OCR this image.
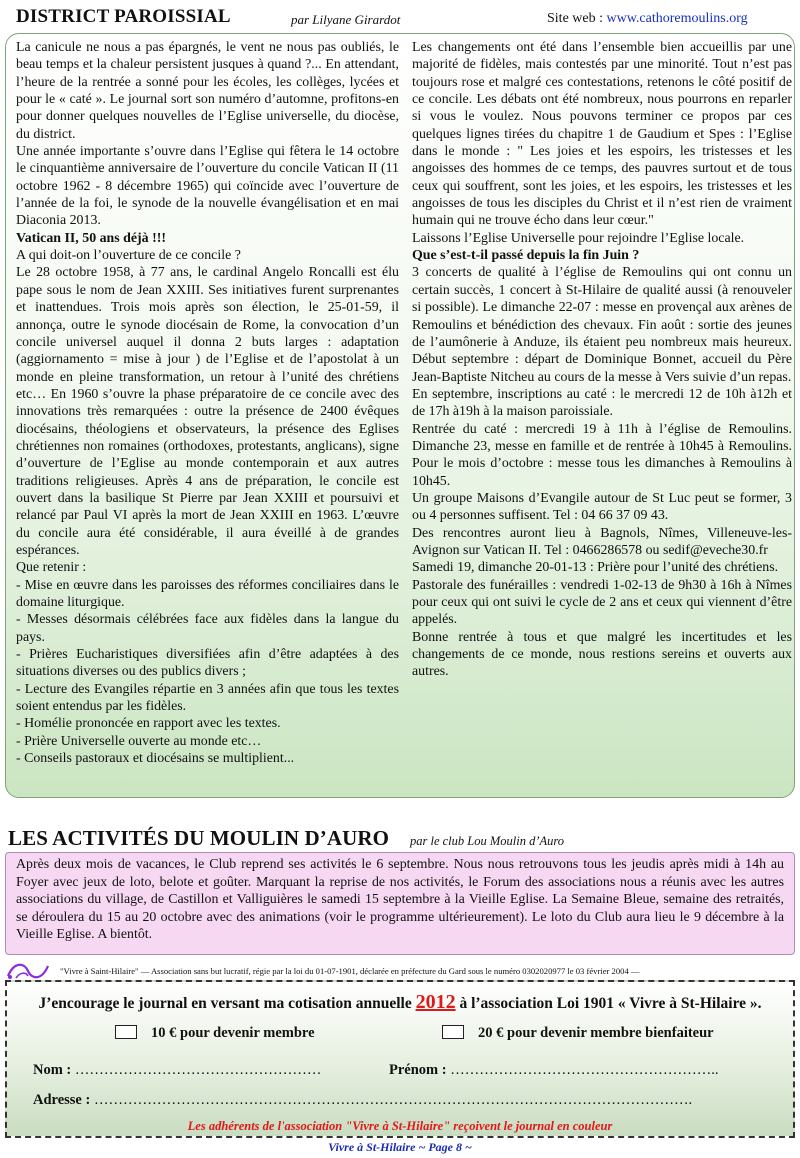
DISTRICT PAROISSIAL	par Lilyane Girardot	Site web : www.cathoremoulins.org

La canicule ne nous a pas épargnés, le vent ne nous pas oubliés, le beau temps et la chaleur persistent jusques à quand ?... En attendant, l’heure de la rentrée a sonné pour les écoles, les collèges, lycées et pour le « caté ». Le journal sort son numéro d’automne, profitons-en pour donner quelques nouvelles de l’Eglise universelle, du diocèse, du district.

Une année importante s’ouvre dans l’Eglise qui fêtera le 14 octobre le cinquantième anniversaire de l’ouverture du concile Vatican II (11 octobre 1962 - 8 décembre 1965) qui coïncide avec l’ouverture de l’année de la foi, le synode de la nouvelle évangélisation et en mai Diaconia 2013.

Vatican II, 50 ans déjà !!!

A qui doit-on l’ouverture de ce concile ?

Le 28 octobre 1958, à 77 ans, le cardinal Angelo Roncalli est élu pape sous le nom de Jean XXIII. Ses initiatives furent surprenantes et inattendues. Trois mois après son élection, le 25-01-59, il annonça, outre le synode diocésain de Rome, la convocation d’un concile universel auquel il donna 2 buts larges : adaptation (aggiornamento = mise à jour ) de l’Eglise et de l’apostolat à un monde en pleine transformation, un retour à l’unité des chrétiens etc… En 1960 s’ouvre la phase préparatoire de ce concile avec des innovations très remarquées : outre la présence de 2400 évêques diocésains, théologiens et observateurs, la présence des Eglises chrétiennes non romaines (orthodoxes, protestants, anglicans), signe d’ouverture de l’Eglise au monde contemporain et aux autres traditions religieuses. Après 4 ans de préparation, le concile est ouvert dans la basilique St Pierre par Jean XXIII et poursuivi et relancé par Paul VI après la mort de Jean XXIII en 1963. L’œuvre du concile aura été considérable, il aura éveillé à de grandes espérances.

Que retenir :

- Mise en œuvre dans les paroisses des réformes conciliaires dans le domaine liturgique.

- Messes désormais célébrées face aux fidèles dans la langue du pays.

- Prières Eucharistiques diversifiées afin d’être adaptées à des situations diverses ou des publics divers ;

- Lecture des Evangiles répartie en 3 années afin que tous les textes soient entendus par les fidèles.

- Homélie prononcée en rapport avec les textes.

- Prière Universelle ouverte au monde etc…

- Conseils pastoraux et diocésains se multiplient...

Les changements ont été dans l’ensemble bien accueillis par une majorité de fidèles, mais contestés par une minorité. Tout n’est pas toujours rose et malgré ces contestations, retenons le côté positif de ce concile. Les débats ont été nombreux, nous pourrons en reparler si vous le voulez. Nous pouvons terminer ce propos par ces quelques lignes tirées du chapitre 1 de Gaudium et Spes : l’Eglise dans le monde : " Les joies et les espoirs, les tristesses et les angoisses des hommes de ce temps, des pauvres surtout et de tous ceux qui souffrent, sont les joies, et les espoirs, les tristesses et les angoisses de tous les disciples du Christ et il n’est rien de vraiment humain qui ne trouve écho dans leur cœur."

Laissons l’Eglise Universelle pour rejoindre l’Eglise locale.

Que s’est-t-il passé depuis la fin Juin ?

3 concerts de qualité à l’église de Remoulins qui ont connu un certain succès, 1 concert à St-Hilaire de qualité aussi (à renouveler si possible). Le dimanche 22-07 : messe en provençal aux arènes de Remoulins et bénédiction des chevaux. Fin août : sortie des jeunes de l’aumônerie à Anduze, ils étaient peu nombreux mais heureux. Début septembre : départ de Dominique Bonnet, accueil du Père Jean-Baptiste Nitcheu au cours de la messe à Vers suivie d’un repas.

En septembre, inscriptions au caté : le mercredi 12 de 10h à12h et de 17h à19h à la maison paroissiale.

Rentrée du caté : mercredi 19 à 11h à l’église de Remoulins. Dimanche 23, messe en famille et de rentrée à 10h45 à Remoulins. Pour le mois d’octobre : messe tous les dimanches à Remoulins à 10h45.

Un groupe Maisons d’Evangile autour de St Luc peut se former, 3 ou 4 personnes suffisent. Tel : 04 66 37 09 43.

Des rencontres auront lieu à Bagnols, Nîmes, Villeneuve-les-Avignon sur Vatican II. Tel : 0466286578 ou sedif@eveche30.fr

Samedi 19, dimanche 20-01-13 : Prière pour l’unité des chrétiens.

Pastorale des funérailles : vendredi 1-02-13 de 9h30 à 16h à Nîmes pour ceux qui ont suivi le cycle de 2 ans et ceux qui viennent d’être appelés.

Bonne rentrée à tous et que malgré les incertitudes et les changements de ce monde, nous restions sereins et ouverts aux autres.

LES ACTIVITÉS DU MOULIN D’AURO par le club Lou Moulin d’Auro
Après deux mois de vacances, le Club reprend ses activités le 6 septembre. Nous nous retrouvons tous les jeudis après midi à 14h au Foyer avec jeux de loto, belote et goûter. Marquant la reprise de nos activités, le Forum des associations nous a réunis avec les autres associations du village, de Castillon et Valliguières le samedi 15 septembre à la Vieille Eglise. La Semaine Bleue, semaine des retraités, se déroulera du 15 au 20 octobre avec des animations (voir le programme ultérieurement). Le loto du Club aura lieu le 9 décembre à la Vieille Eglise. A bientôt.
"Vivre à Saint-Hilaire" — Association sans but lucratif, régie par la loi du 01-07-1901, déclarée en préfecture du Gard sous le numéro 0302020977 le 03 février 2004 —
J’encourage le journal en versant ma cotisation annuelle 2012 à l’association Loi 1901 « Vivre à St-Hilaire ».
10 € pour devenir membre	20 € pour devenir membre bienfaiteur
Nom : ……………………………………………	Prénom : ………………………………………………..
Adresse : …………………………………………………………………………………………………………….
Les adhérents de l'association "Vivre à St-Hilaire" reçoivent le journal en couleur
Vivre à St-Hilaire ~ Page 8 ~
